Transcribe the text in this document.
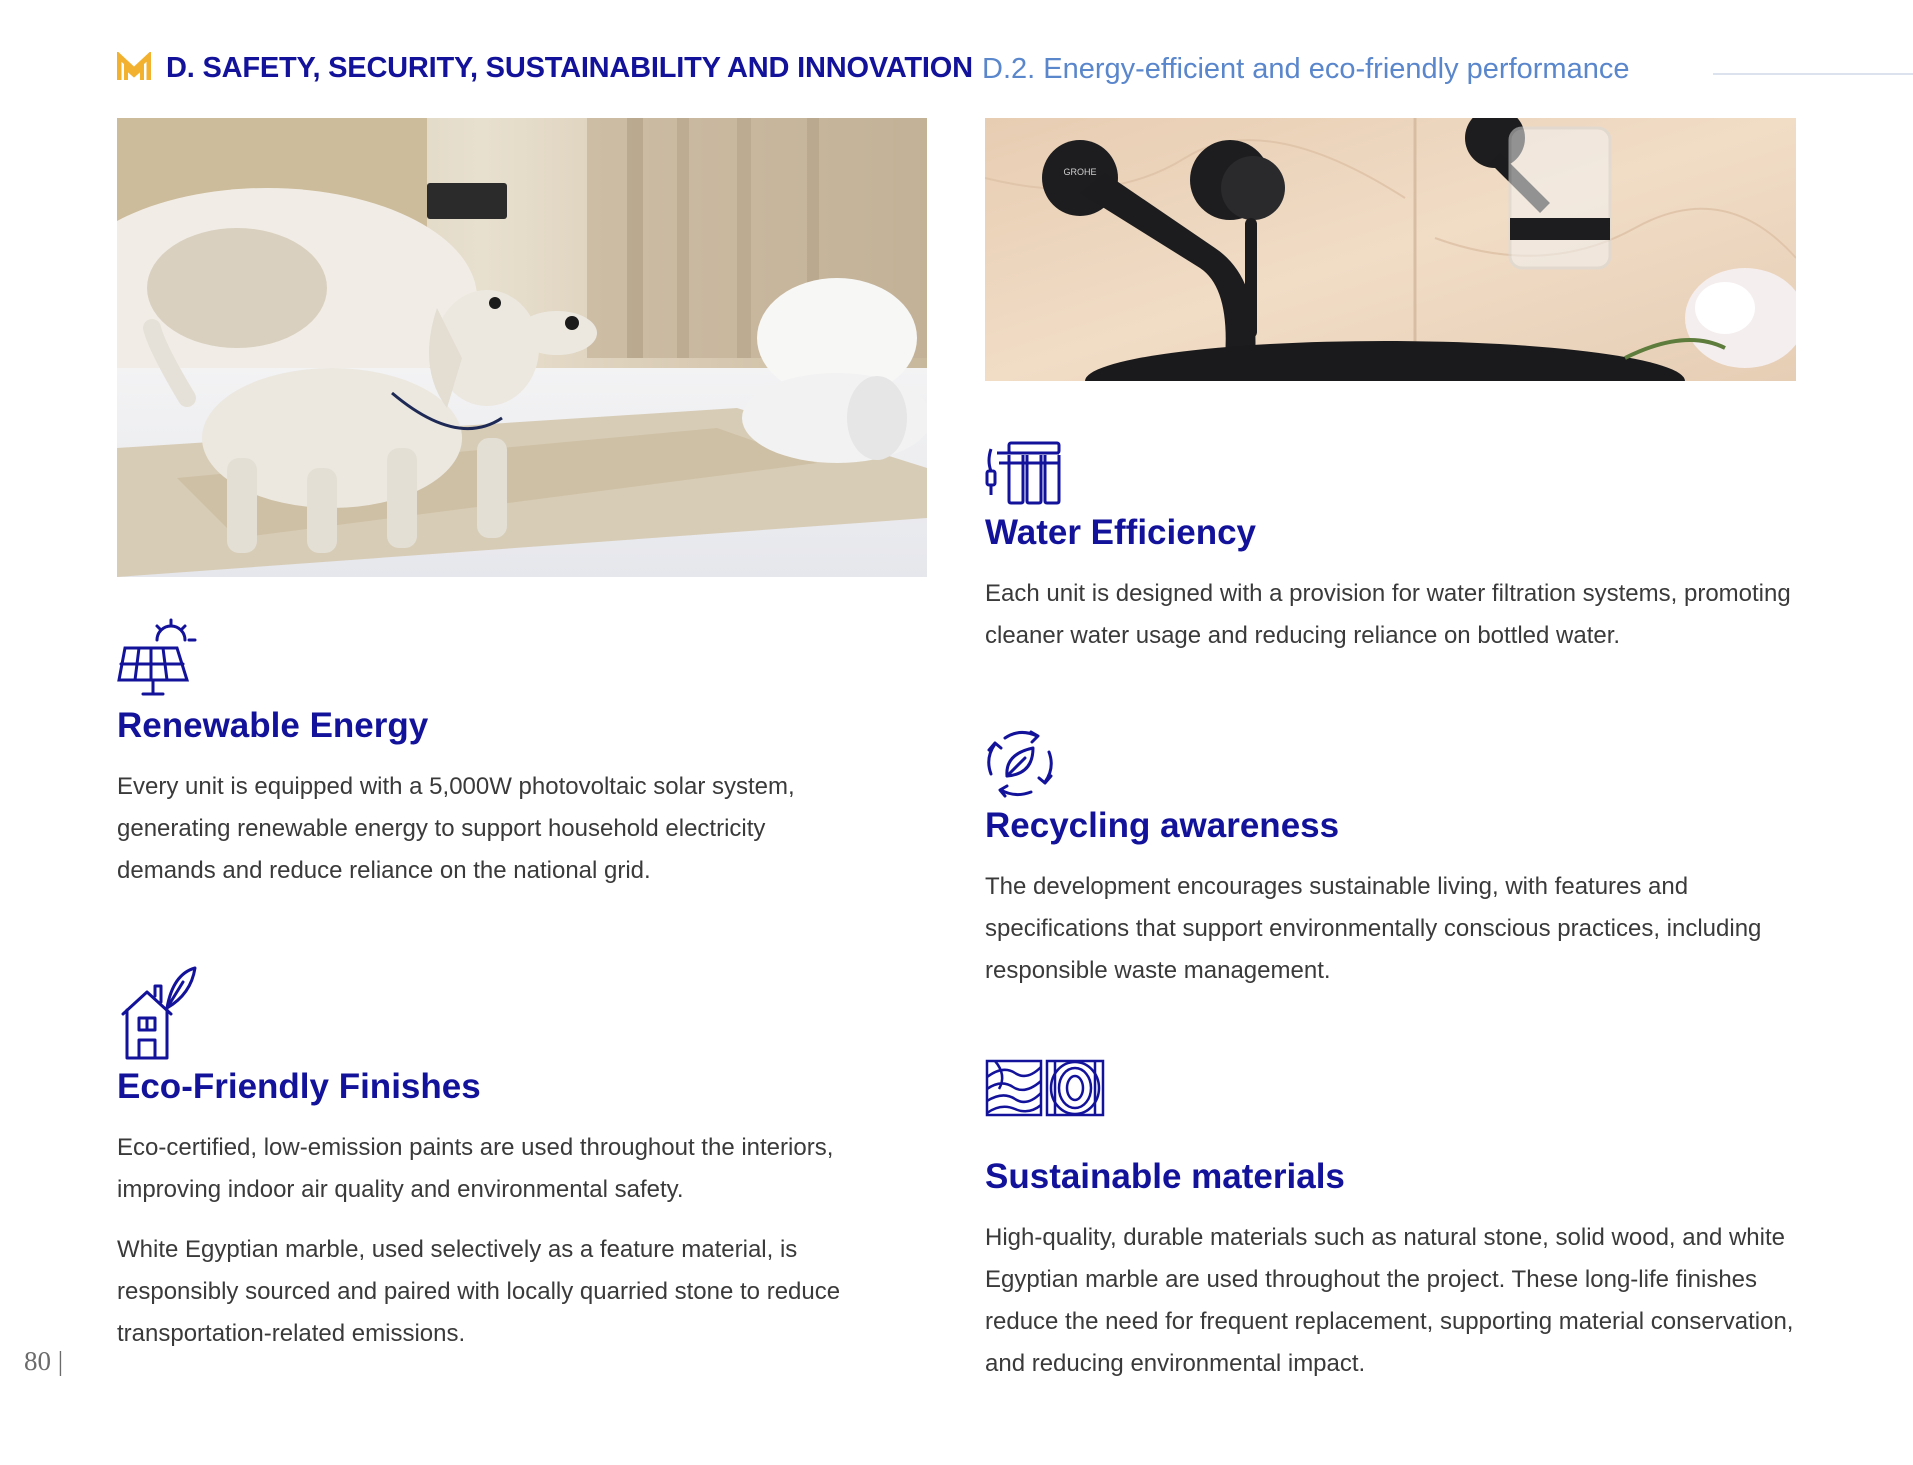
D. SAFETY, SECURITY, SUSTAINABILITY AND INNOVATION D.2. Energy-efficient and eco-friendly performance
GROHE
Renewable Energy

Every unit is equipped with a 5,000W photovoltaic solar system, generating renewable energy to support household electricity demands and reduce reliance on the national grid.

Eco-Friendly Finishes

Eco-certified, low-emission paints are used throughout the interiors, improving indoor air quality and environmental safety.

White Egyptian marble, used selectively as a feature material, is responsibly sourced and paired with locally quarried stone to reduce transportation-related emissions.

Water Efficiency

Each unit is designed with a provision for water filtration systems, promoting cleaner water usage and reducing reliance on bottled water.

Recycling awareness

The development encourages sustainable living, with features and specifications that support environmentally conscious practices, including responsible waste management.

Sustainable materials

High-quality, durable materials such as natural stone, solid wood, and white Egyptian marble are used throughout the project. These long-life finishes reduce the need for frequent replacement, supporting material conservation, and reducing environmental impact.

80 |
